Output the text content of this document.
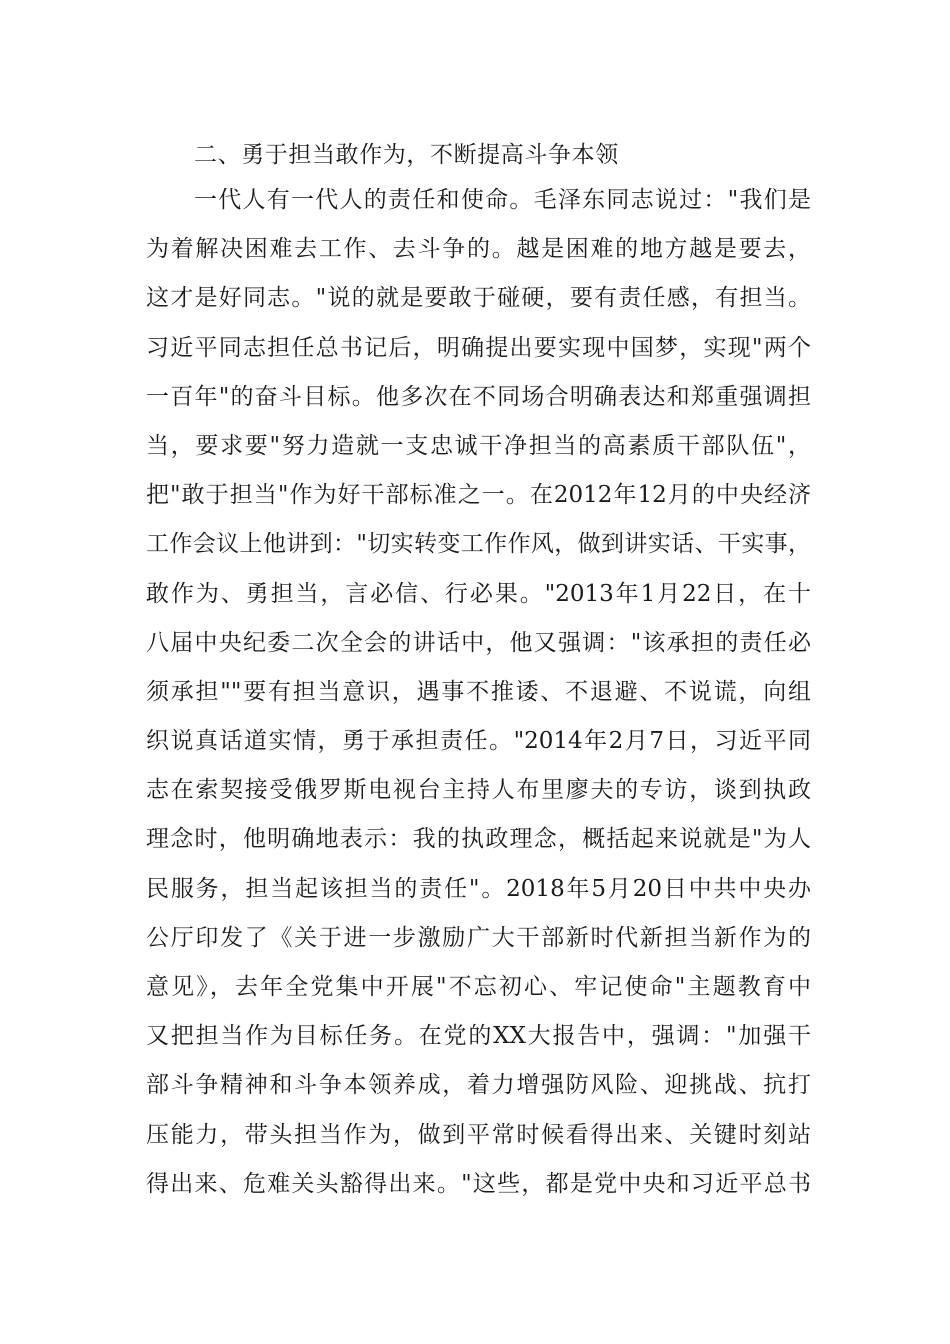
二、勇于担当敢作为，不断提高斗争本领
一代人有一代人的责任和使命。毛泽东同志说过："我们是
为着解决困难去工作、去斗争的。越是困难的地方越是要去，
这才是好同志。"说的就是要敢于碰硬，要有责任感，有担当。
习近平同志担任总书记后，明确提出要实现中国梦，实现"两个
一百年"的奋斗目标。他多次在不同场合明确表达和郑重强调担
当，要求要"努力造就一支忠诚干净担当的高素质干部队伍"，
把"敢于担当"作为好干部标准之一。在2012年12月的中央经济
工作会议上他讲到："切实转变工作作风，做到讲实话、干实事，
敢作为、勇担当，言必信、行必果。"2013年1月22日，在十
八届中央纪委二次全会的讲话中，他又强调："该承担的责任必
须承担""要有担当意识，遇事不推诿、不退避、不说谎，向组
织说真话道实情，勇于承担责任。"2014年2月7日，习近平同
志在索契接受俄罗斯电视台主持人布里廖夫的专访，谈到执政
理念时，他明确地表示：我的执政理念，概括起来说就是"为人
民服务，担当起该担当的责任"。2018年5月20日中共中央办
公厅印发了《关于进一步激励广大干部新时代新担当新作为的
意见》，去年全党集中开展"不忘初心、牢记使命"主题教育中
又把担当作为目标任务。在党的XX大报告中，强调："加强干
部斗争精神和斗争本领养成，着力增强防风险、迎挑战、抗打
压能力，带头担当作为，做到平常时候看得出来、关键时刻站
得出来、危难关头豁得出来。"这些，都是党中央和习近平总书
